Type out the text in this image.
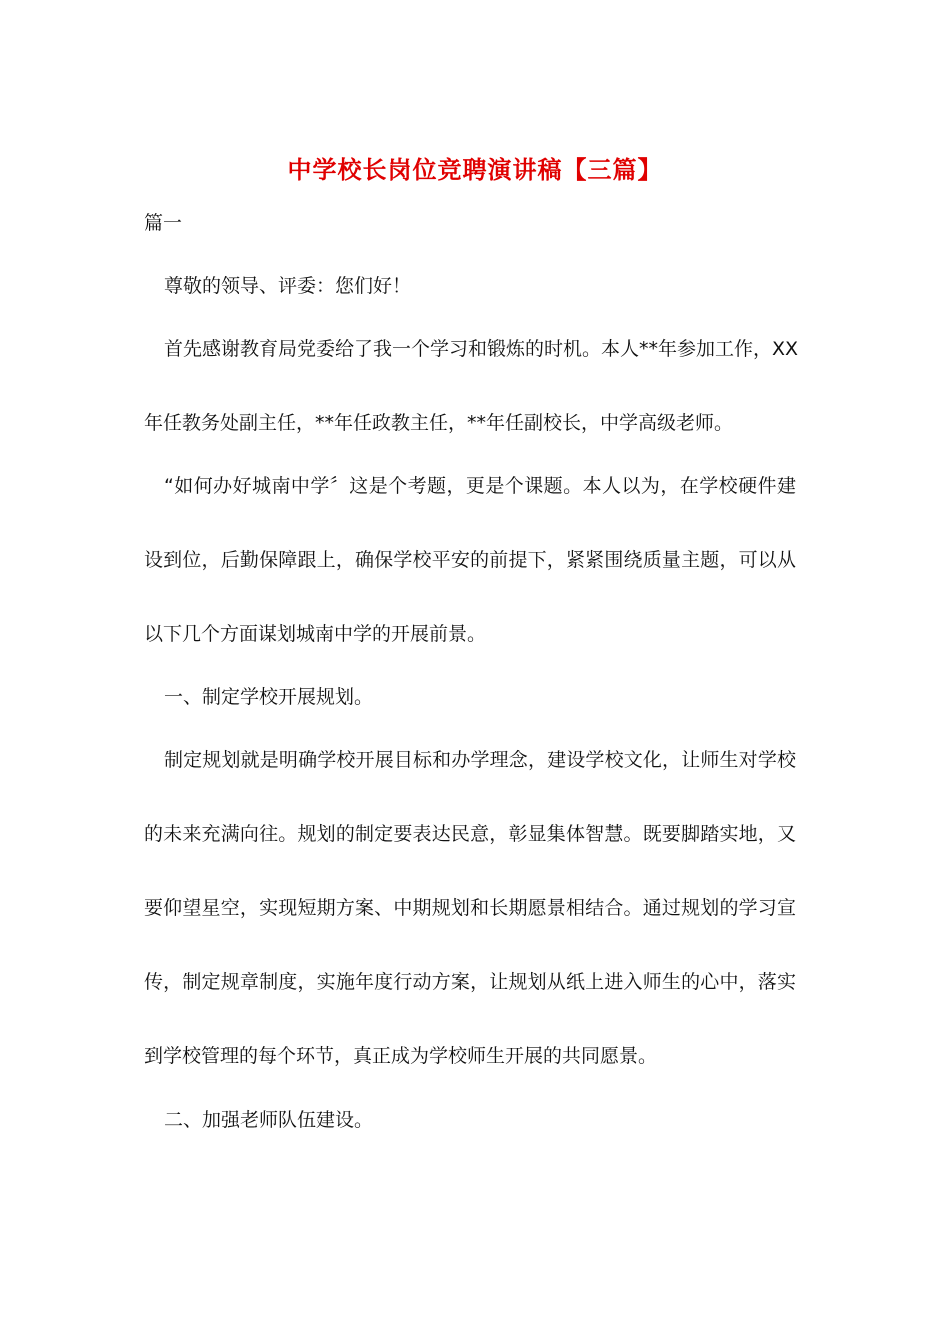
中学校长岗位竞聘演讲稿【三篇】

篇一

尊敬的领导、评委：您们好！

首先感谢教育局党委给了我一个学习和锻炼的时机。本人**年参加工作，XX

年任教务处副主任，**年任政教主任，**年任副校长，中学高级老师。

“如何办好城南中学〞这是个考题，更是个课题。本人以为，在学校硬件建

设到位，后勤保障跟上，确保学校平安的前提下，紧紧围绕质量主题，可以从

以下几个方面谋划城南中学的开展前景。

一、制定学校开展规划。

制定规划就是明确学校开展目标和办学理念，建设学校文化，让师生对学校

的未来充满向往。规划的制定要表达民意，彰显集体智慧。既要脚踏实地，又

要仰望星空，实现短期方案、中期规划和长期愿景相结合。通过规划的学习宣

传，制定规章制度，实施年度行动方案，让规划从纸上进入师生的心中，落实

到学校管理的每个环节，真正成为学校师生开展的共同愿景。

二、加强老师队伍建设。
